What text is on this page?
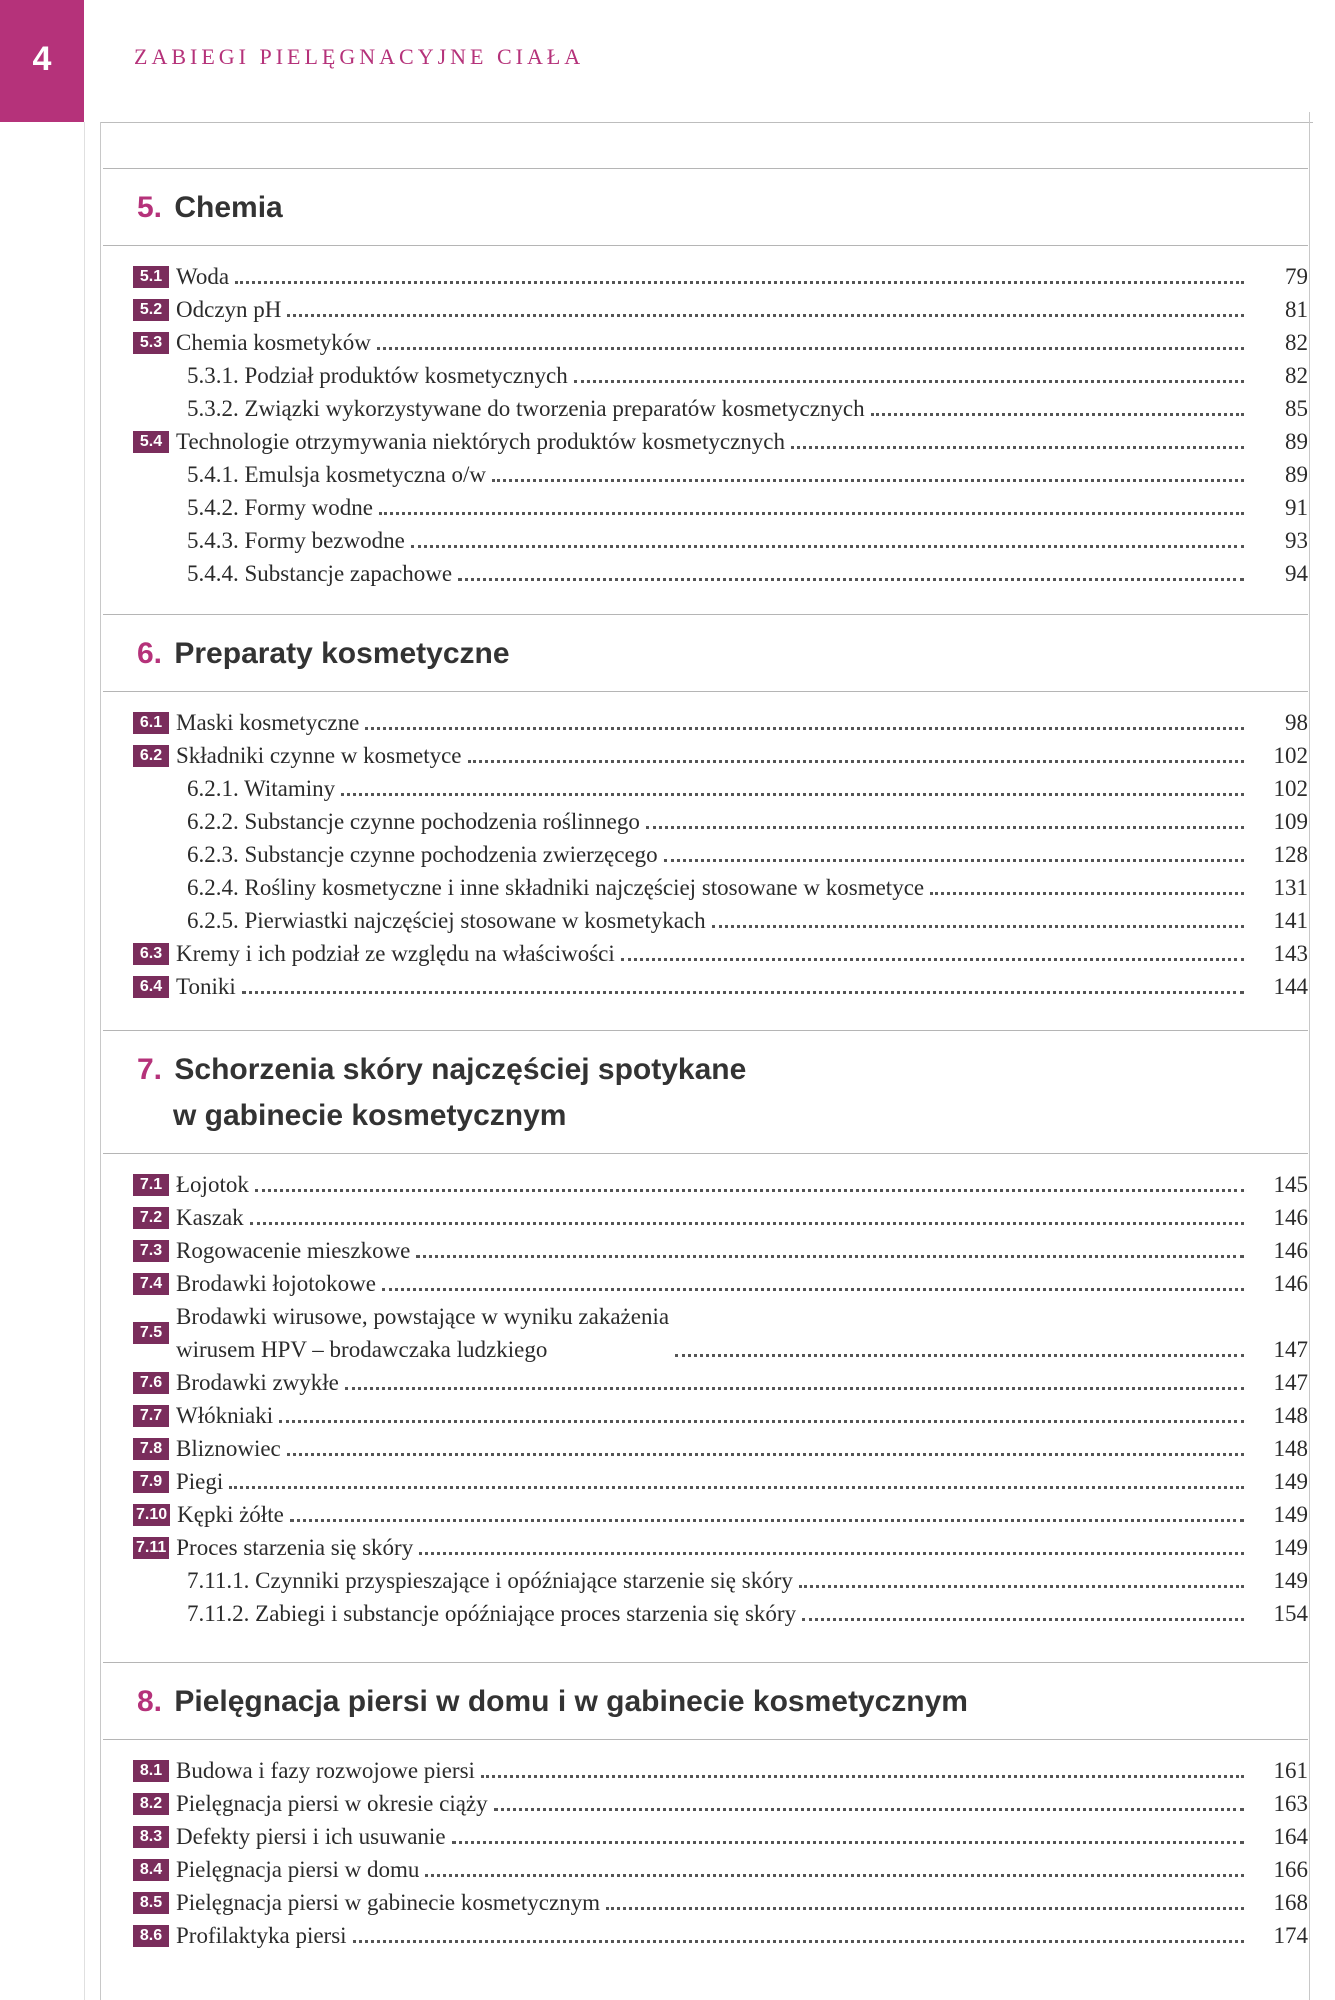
4	ZABIEGI PIELĘGNACYJNE CIAŁA
5. Chemia
5.1 Woda	79
5.2 Odczyn pH	81
5.3 Chemia kosmetyków	82
5.3.1. Podział produktów kosmetycznych	82
5.3.2. Związki wykorzystywane do tworzenia preparatów kosmetycznych	85
5.4 Technologie otrzymywania niektórych produktów kosmetycznych	89
5.4.1. Emulsja kosmetyczna o/w	89
5.4.2. Formy wodne	91
5.4.3. Formy bezwodne	93
5.4.4. Substancje zapachowe	94
6. Preparaty kosmetyczne
6.1 Maski kosmetyczne	98
6.2 Składniki czynne w kosmetyce	102
6.2.1. Witaminy	102
6.2.2. Substancje czynne pochodzenia roślinnego	109
6.2.3. Substancje czynne pochodzenia zwierzęcego	128
6.2.4. Rośliny kosmetyczne i inne składniki najczęściej stosowane w kosmetyce	131
6.2.5. Pierwiastki najczęściej stosowane w kosmetykach	141
6.3 Kremy i ich podział ze względu na właściwości	143
6.4 Toniki	144
7. Schorzenia skóry najczęściej spotykane
w gabinecie kosmetycznym
7.1 Łojotok	145
7.2 Kaszak	146
7.3 Rogowacenie mieszkowe	146
7.4 Brodawki łojotokowe	146
7.5
Brodawki wirusowe, powstające w wyniku zakażenia
wirusem HPV – brodawczaka ludzkiego	147
7.6 Brodawki zwykłe	147
7.7 Włókniaki	148
7.8 Bliznowiec	148
7.9 Piegi	149
7.10 Kępki żółte	149
7.11 Proces starzenia się skóry	149
7.11.1. Czynniki przyspieszające i opóźniające starzenie się skóry	149
7.11.2. Zabiegi i substancje opóźniające proces starzenia się skóry	154
8. Pielęgnacja piersi w domu i w gabinecie kosmetycznym
8.1 Budowa i fazy rozwojowe piersi	161
8.2 Pielęgnacja piersi w okresie ciąży	163
8.3 Defekty piersi i ich usuwanie	164
8.4 Pielęgnacja piersi w domu	166
8.5 Pielęgnacja piersi w gabinecie kosmetycznym	168
8.6 Profilaktyka piersi	174
